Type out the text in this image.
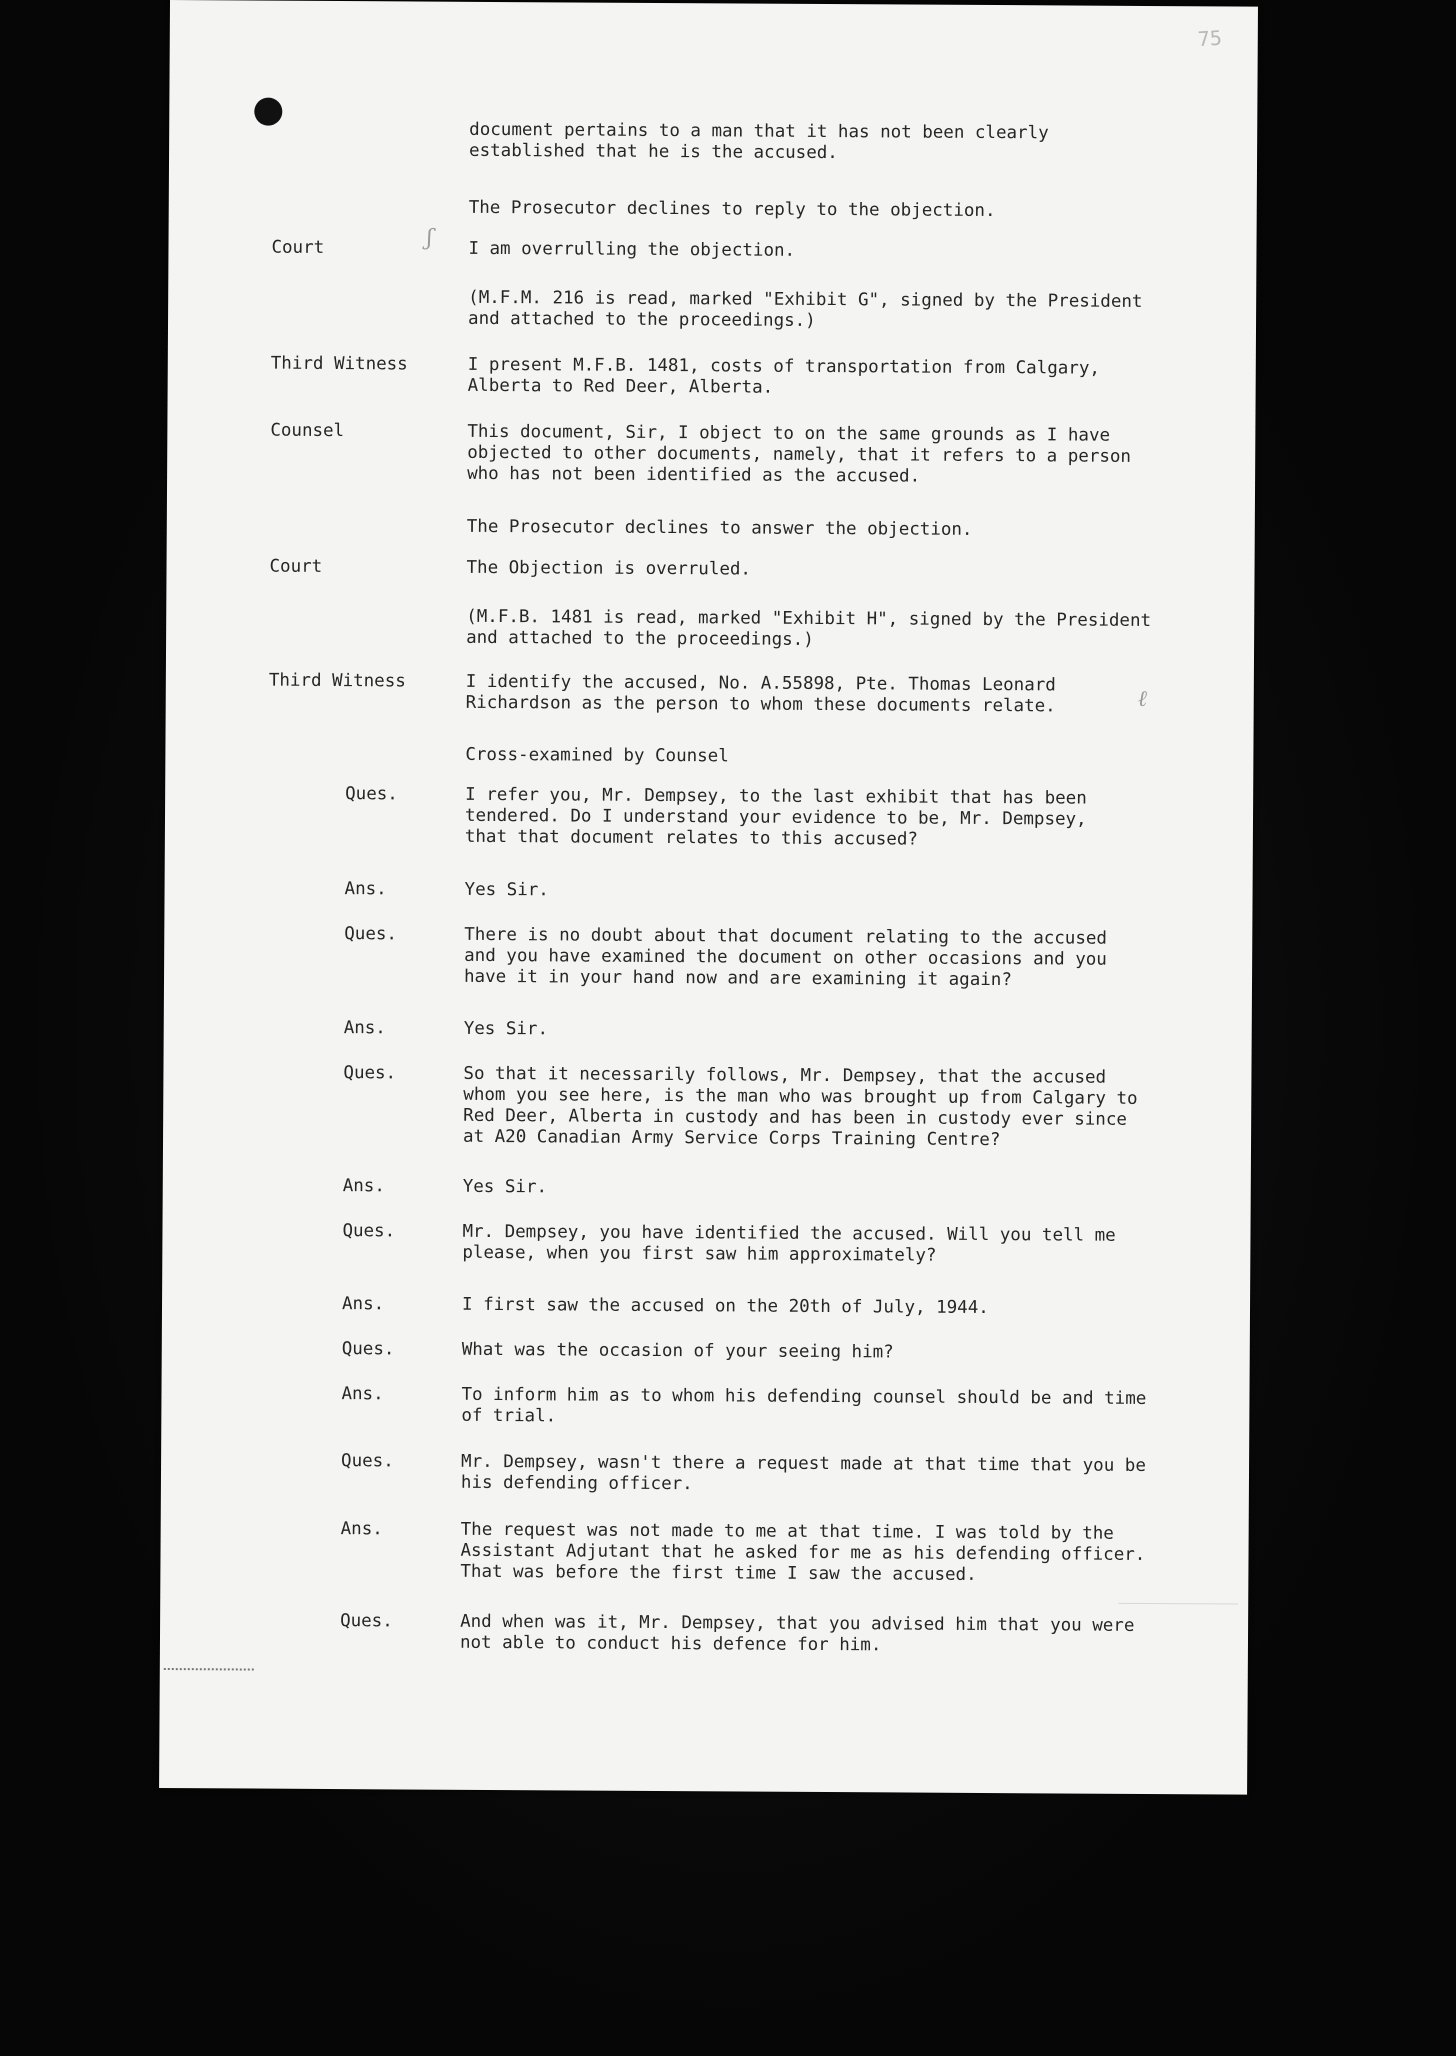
75
ʃ
ℓ
document pertains to a man that it has not been clearly
established that he is the accused.
The Prosecutor declines to reply to the objection.
Court	I am overrulling the objection.
(M.F.M. 216 is read, marked "Exhibit G", signed by the President
and attached to the proceedings.)
Third Witness	I present M.F.B. 1481, costs of transportation from Calgary,
Alberta to Red Deer, Alberta.
Counsel	This document, Sir, I object to on the same grounds as I have
objected to other documents, namely, that it refers to a person
who has not been identified as the accused.
The Prosecutor declines to answer the objection.
Court	The Objection is overruled.
(M.F.B. 1481 is read, marked "Exhibit H", signed by the President
and attached to the proceedings.)
Third Witness	I identify the accused, No. A.55898, Pte. Thomas Leonard
Richardson as the person to whom these documents relate.
Cross-examined by Counsel
Ques.	I refer you, Mr. Dempsey, to the last exhibit that has been
tendered. Do I understand your evidence to be, Mr. Dempsey,
that that document relates to this accused?
Ans.	Yes Sir.
Ques.	There is no doubt about that document relating to the accused
and you have examined the document on other occasions and you
have it in your hand now and are examining it again?
Ans.	Yes Sir.
Ques.	So that it necessarily follows, Mr. Dempsey, that the accused
whom you see here, is the man who was brought up from Calgary to
Red Deer, Alberta in custody and has been in custody ever since
at A20 Canadian Army Service Corps Training Centre?
Ans.	Yes Sir.
Ques.	Mr. Dempsey, you have identified the accused. Will you tell me
please, when you first saw him approximately?
Ans.	I first saw the accused on the 20th of July, 1944.
Ques.	What was the occasion of your seeing him?
Ans.	To inform him as to whom his defending counsel should be and time
of trial.
Ques.	Mr. Dempsey, wasn't there a request made at that time that you be
his defending officer.
Ans.	The request was not made to me at that time. I was told by the
Assistant Adjutant that he asked for me as his defending officer.
That was before the first time I saw the accused.
Ques.	And when was it, Mr. Dempsey, that you advised him that you were
not able to conduct his defence for him.
